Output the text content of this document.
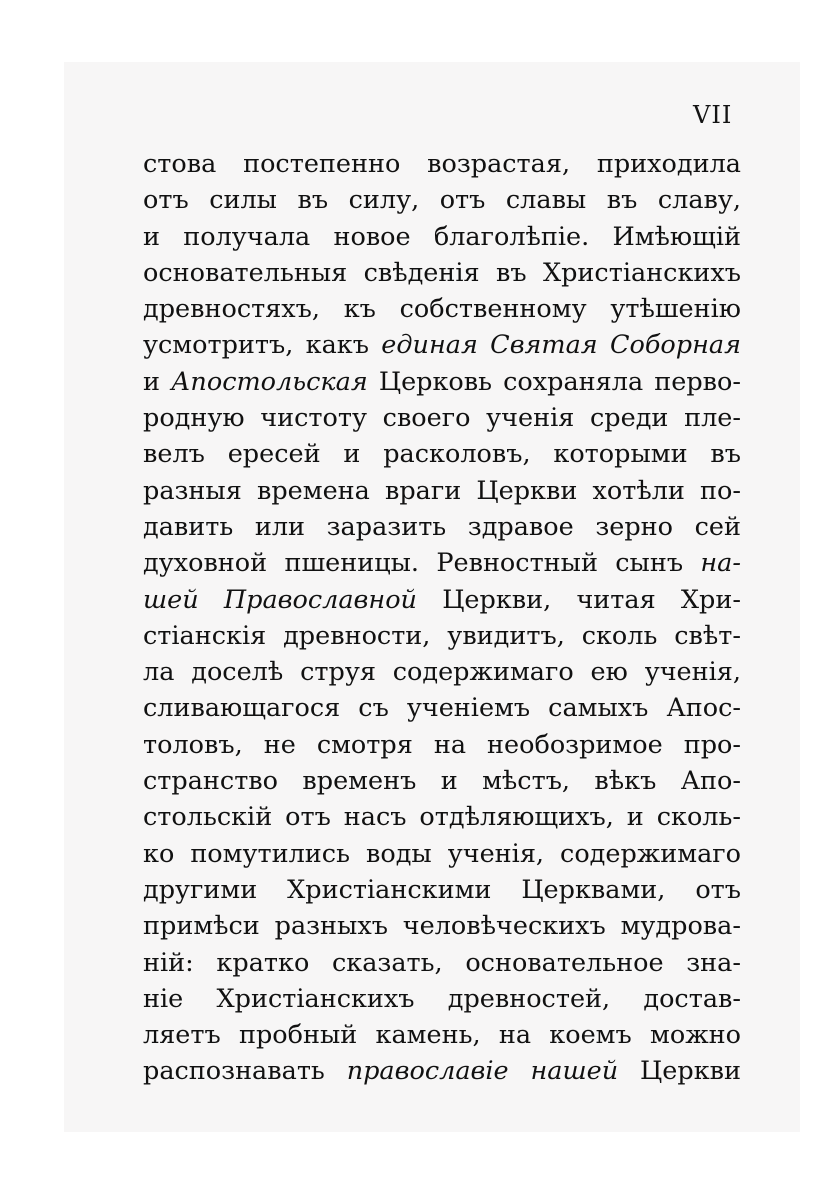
VII
стова постепенно возрастая, приходила
отъ силы въ силу, отъ славы въ славу,
и получала новое благолѣпіе. Имѣющій
основательныя свѣденія въ Христіанскихъ
древностяхъ, къ собственному утѣшенію
усмотритъ, какъ единая Святая Соборная
и Апостольская Церковь сохраняла перво-
родную чистоту своего ученія среди пле-
велъ ересей и расколовъ, которыми въ
разныя времена враги Церкви хотѣли по-
давить или заразить здравое зерно сей
духовной пшеницы. Ревностный сынъ на-
шей Православной Церкви, читая Хри-
стіанскія древности, увидитъ, сколь свѣт-
ла доселѣ струя содержимаго ею ученія,
сливающагося съ ученіемъ самыхъ Апос-
толовъ, не смотря на необозримое про-
странство временъ и мѣстъ, вѣкъ Апо-
стольскій отъ насъ отдѣляющихъ, и сколь-
ко помутились воды ученія, содержимаго
другими Христіанскими Церквами, отъ
примѣси разныхъ человѣческихъ мудрова-
ній: кратко сказать, основательное зна-
ніе Христіанскихъ древностей, достав-
ляетъ пробный камень, на коемъ можно
распознавать православіе нашей Церкви
